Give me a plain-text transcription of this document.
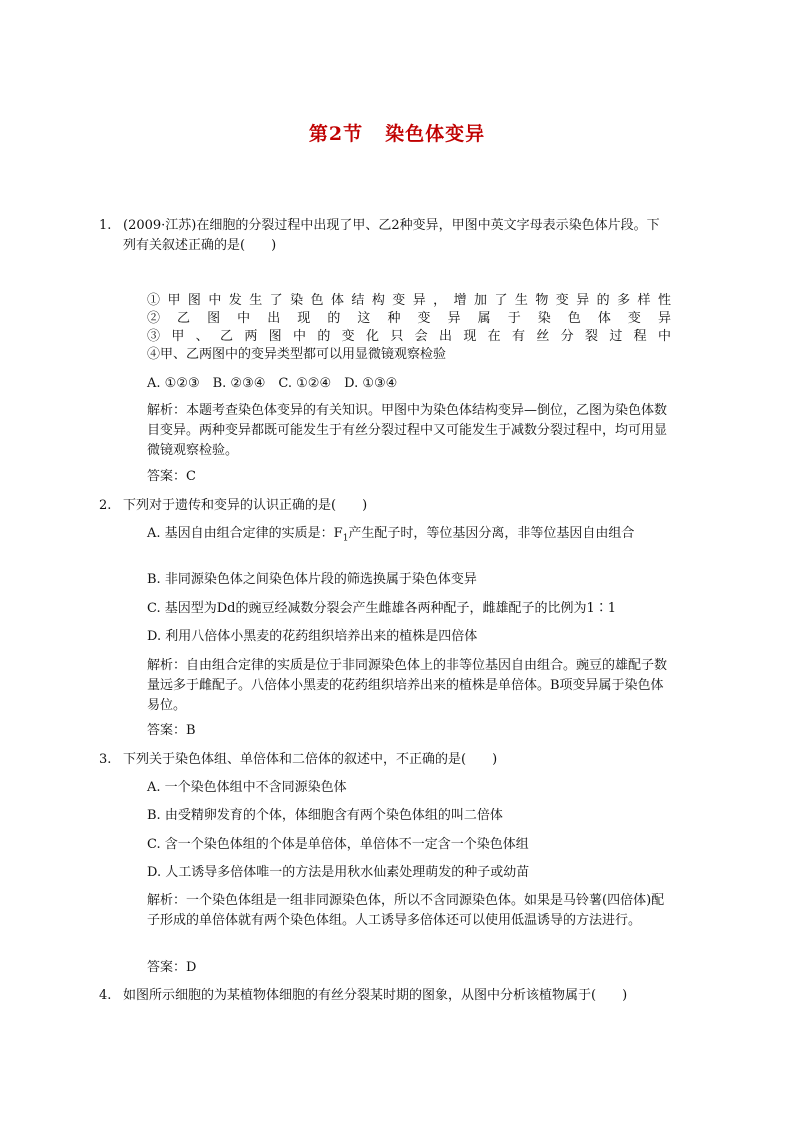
第2节 染色体变异
1. (2009·江苏)在细胞的分裂过程中出现了甲、乙2种变异，甲图中英文字母表示染色体片段。下列有关叙述正确的是(　　)
①甲图中发生了染色体结构变异，增加了生物变异的多样性
②乙图中出现的这种变异属于染色体变异
③甲、乙两图中的变化只会出现在有丝分裂过程中
④甲、乙两图中的变异类型都可以用显微镜观察检验
A. ①②③　B. ②③④　C. ①②④　D. ①③④
解析：本题考查染色体变异的有关知识。甲图中为染色体结构变异—倒位，乙图为染色体数目变异。两种变异都既可能发生于有丝分裂过程中又可能发生于减数分裂过程中，均可用显微镜观察检验。
答案：C
2. 下列对于遗传和变异的认识正确的是(　　)
A. 基因自由组合定律的实质是：$F_1$产生配子时，等位基因分离，非等位基因自由组合
B. 非同源染色体之间染色体片段的筛选换属于染色体变异
C. 基因型为Dd的豌豆经减数分裂会产生雌雄各两种配子，雌雄配子的比例为1∶1
D. 利用八倍体小黑麦的花药组织培养出来的植株是四倍体
解析：自由组合定律的实质是位于非同源染色体上的非等位基因自由组合。豌豆的雄配子数量远多于雌配子。八倍体小黑麦的花药组织培养出来的植株是单倍体。B项变异属于染色体易位。
答案：B
3. 下列关于染色体组、单倍体和二倍体的叙述中，不正确的是(　　)
A. 一个染色体组中不含同源染色体
B. 由受精卵发育的个体，体细胞含有两个染色体组的叫二倍体
C. 含一个染色体组的个体是单倍体，单倍体不一定含一个染色体组
D. 人工诱导多倍体唯一的方法是用秋水仙素处理萌发的种子或幼苗
解析：一个染色体组是一组非同源染色体，所以不含同源染色体。如果是马铃薯(四倍体)配子形成的单倍体就有两个染色体组。人工诱导多倍体还可以使用低温诱导的方法进行。
答案：D
4. 如图所示细胞的为某植物体细胞的有丝分裂某时期的图象，从图中分析该植物属于(　　)
